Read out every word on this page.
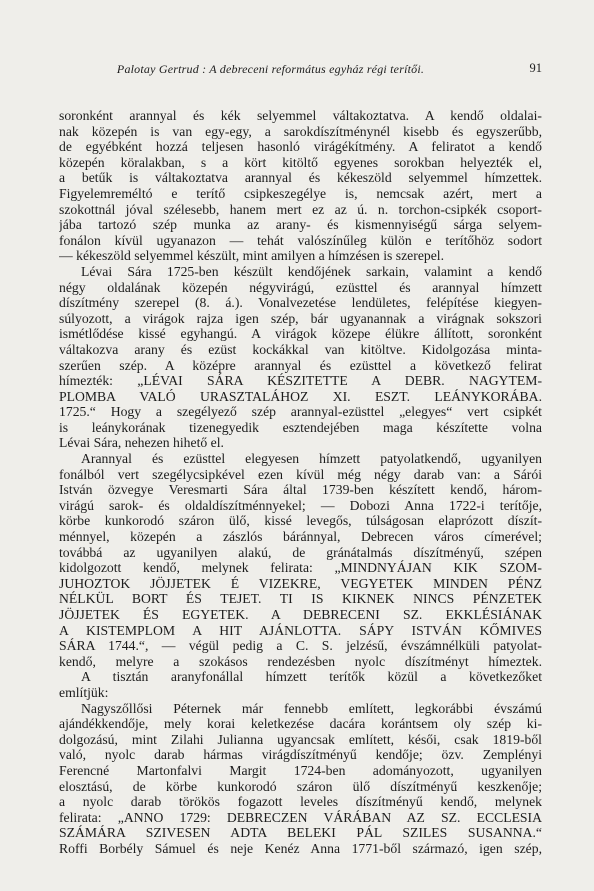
Palotay Gertrud : A debreceni református egyház régi terítői.	91
soronként arannyal és kék selyemmel váltakoztatva. A kendő oldalai-
nak közepén is van egy-egy, a sarokdíszítménynél kisebb és egyszerűbb,
de egyébként hozzá teljesen hasonló virágékítmény. A feliratot a kendő
közepén köralakban, s a kört kitöltő egyenes sorokban helyezték el,
a betűk is váltakoztatva arannyal és kékeszöld selyemmel hímzettek.
Figyelemreméltó e terítő csipkeszegélye is, nemcsak azért, mert a
szokottnál jóval szélesebb, hanem mert ez az ú. n. torchon-csipkék csoport-
jába tartozó szép munka az arany- és kismennyiségű sárga selyem-
fonálon kívül ugyanazon — tehát valószínűleg külön e terítőhöz sodort
— kékeszöld selyemmel készült, mint amilyen a hímzésen is szerepel.
Lévai Sára 1725-ben készült kendőjének sarkain, valamint a kendő
négy oldalának közepén négyvirágú, ezüsttel és arannyal hímzett
díszítmény szerepel (8. á.). Vonalvezetése lendületes, felépítése kiegyen-
súlyozott, a virágok rajza igen szép, bár ugyanannak a virágnak sokszori
ismétlődése kissé egyhangú. A virágok közepe élükre állított, soronként
váltakozva arany és ezüst kockákkal van kitöltve. Kidolgozása minta-
szerűen szép. A középre arannyal és ezüsttel a következő felirat
hímezték: „LÉVAI SÁRA KÉSZITETTE A DEBR. NAGYTEM-
PLOMBA VALÓ URASZTALÁHOZ XI. ESZT. LEÁNYKORÁBA.
1725.“ Hogy a szegélyező szép arannyal-ezüsttel „elegyes“ vert csipkét
is leánykorának tizenegyedik esztendejében maga készítette volna
Lévai Sára, nehezen hihető el.
Arannyal és ezüsttel elegyesen hímzett patyolatkendő, ugyanilyen
fonálból vert szegélycsipkével ezen kívül még négy darab van: a Sárói
István özvegye Veresmarti Sára által 1739-ben készített kendő, három-
virágú sarok- és oldaldíszítménnyekel; — Dobozi Anna 1722-i terítője,
körbe kunkorodó száron ülő, kissé levegős, túlságosan elaprózott díszít-
ménnyel, közepén a zászlós báránnyal, Debrecen város címerével;
továbbá az ugyanilyen alakú, de gránátalmás díszítményű, szépen
kidolgozott kendő, melynek felirata: „MINDNYÁJAN KIK SZOM-
JUHOZTOK JÖJJETEK É VIZEKRE, VEGYETEK MINDEN PÉNZ
NÉLKÜL BORT ÉS TEJET. TI IS KIKNEK NINCS PÉNZETEK
JÖJJETEK ÉS EGYETEK. A DEBRECENI SZ. EKKLÉSIÁNAK
A KISTEMPLOM A HIT AJÁNLOTTA. SÁPY ISTVÁN KŐMIVES
SÁRA 1744.“, — végül pedig a C. S. jelzésű, évszámnélküli patyolat-
kendő, melyre a szokásos rendezésben nyolc díszítményt hímeztek.
A tisztán aranyfonállal hímzett terítők közül a következőket
említjük:
Nagyszőllősi Péternek már fennebb említett, legkorábbi évszámú
ajándékkendője, mely korai keletkezése dacára korántsem oly szép ki-
dolgozású, mint Zilahi Julianna ugyancsak említett, késői, csak 1819-ből
való, nyolc darab hármas virágdíszítményű kendője; özv. Zemplényi
Ferencné Martonfalvi Margit 1724-ben adományozott, ugyanilyen
elosztású, de körbe kunkorodó száron ülő díszítményű keszkenője;
a nyolc darab törökös fogazott leveles díszítményű kendő, melynek
felirata: „ANNO 1729: DEBRECZEN VÁRÁBAN AZ SZ. ECCLESIA
SZÁMÁRA SZIVESEN ADTA BELEKI PÁL SZILES SUSANNA.“
Roffi Borbély Sámuel és neje Kenéz Anna 1771-ből származó, igen szép,
